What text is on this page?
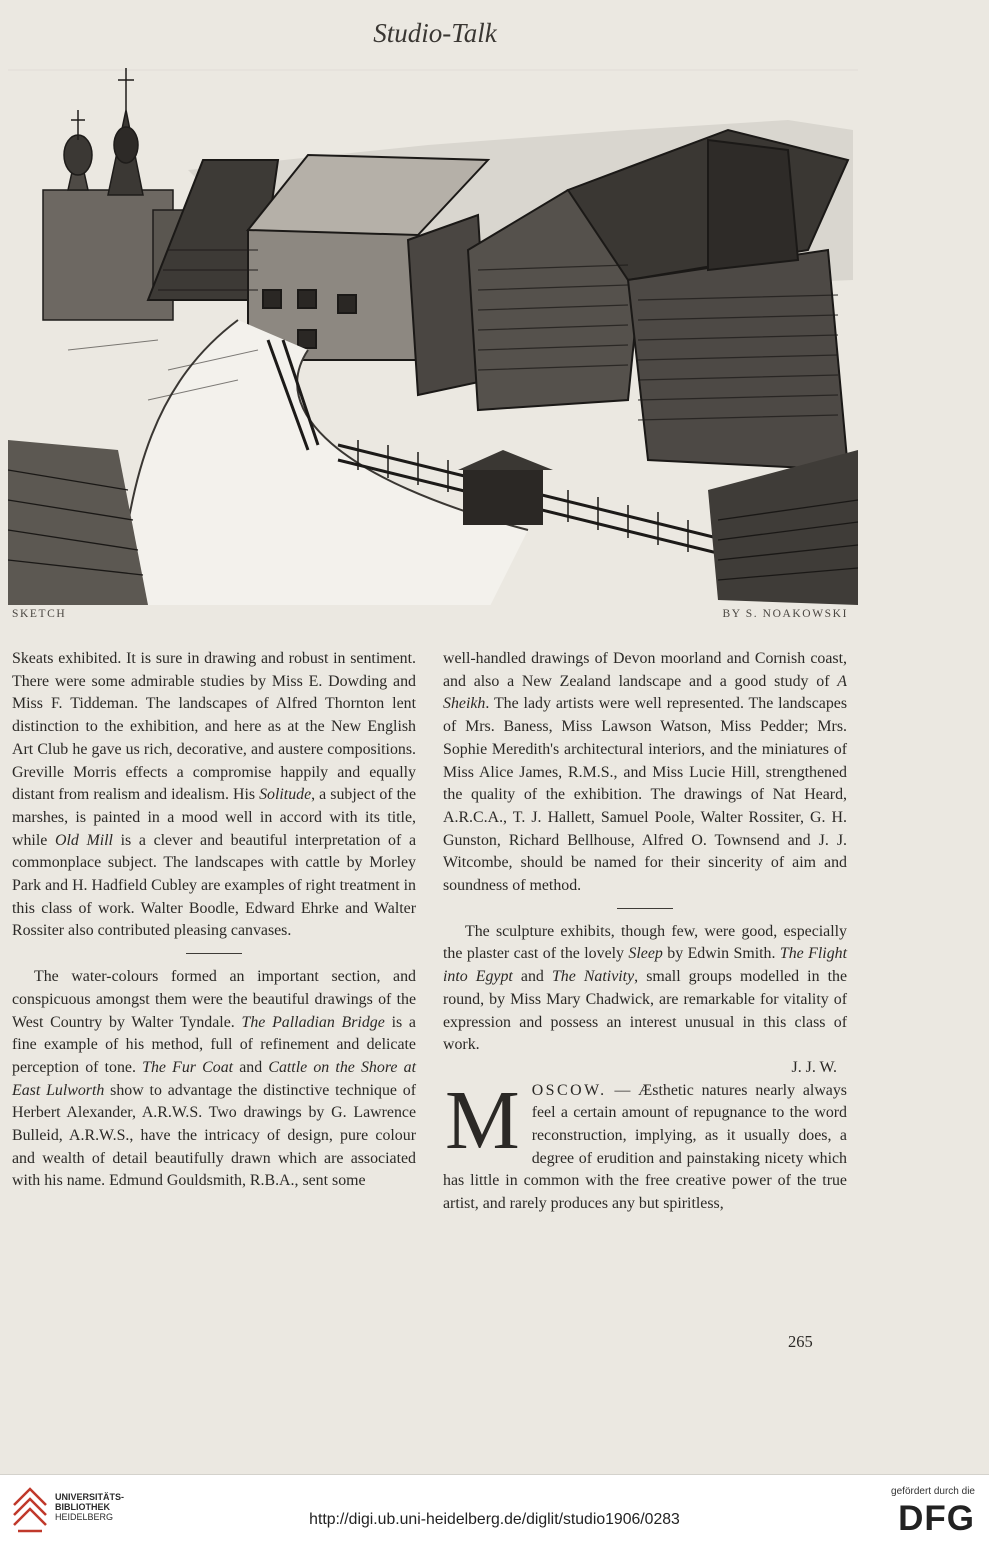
Studio-Talk
SKETCH	BY S. NOAKOWSKI

Skeats exhibited. It is sure in drawing and robust in sentiment. There were some admirable studies by Miss E. Dowding and Miss F. Tiddeman. The landscapes of Alfred Thornton lent distinction to the exhibition, and here as at the New English Art Club he gave us rich, decorative, and austere compositions. Greville Morris effects a compromise happily and equally distant from realism and idealism. His Solitude, a subject of the marshes, is painted in a mood well in accord with its title, while Old Mill is a clever and beautiful interpretation of a commonplace subject. The landscapes with cattle by Morley Park and H. Hadfield Cubley are examples of right treatment in this class of work. Walter Boodle, Edward Ehrke and Walter Rossiter also contributed pleasing canvases.

The water-colours formed an important section, and conspicuous amongst them were the beautiful drawings of the West Country by Walter Tyndale. The Palladian Bridge is a fine example of his method, full of refinement and delicate perception of tone. The Fur Coat and Cattle on the Shore at East Lulworth show to advantage the distinctive technique of Herbert Alexander, A.R.W.S. Two drawings by G. Lawrence Bulleid, A.R.W.S., have the intricacy of design, pure colour and wealth of detail beautifully drawn which are associated with his name. Edmund Gouldsmith, R.B.A., sent some

well-handled drawings of Devon moorland and Cornish coast, and also a New Zealand landscape and a good study of A Sheikh. The lady artists were well represented. The landscapes of Mrs. Baness, Miss Lawson Watson, Miss Pedder; Mrs. Sophie Meredith's architectural interiors, and the miniatures of Miss Alice James, R.M.S., and Miss Lucie Hill, strengthened the quality of the exhibition. The drawings of Nat Heard, A.R.C.A., T. J. Hallett, Samuel Poole, Walter Rossiter, G. H. Gunston, Richard Bellhouse, Alfred O. Townsend and J. J. Witcombe, should be named for their sincerity of aim and soundness of method.

The sculpture exhibits, though few, were good, especially the plaster cast of the lovely Sleep by Edwin Smith. The Flight into Egypt and The Nativity, small groups modelled in the round, by Miss Mary Chadwick, are remarkable for vitality of expression and possess an interest unusual in this class of work.

J. J. W.

MOSCOW. — Æsthetic natures nearly always feel a certain amount of repugnance to the word reconstruction, implying, as it usually does, a degree of erudition and painstaking nicety which has little in common with the free creative power of the true artist, and rarely produces any but spiritless,

265
UNIVERSITÄTS-
BIBLIOTHEK
HEIDELBERG	http://digi.ub.uni-heidelberg.de/diglit/studio1906/0283
gefördert durch die
DFG
